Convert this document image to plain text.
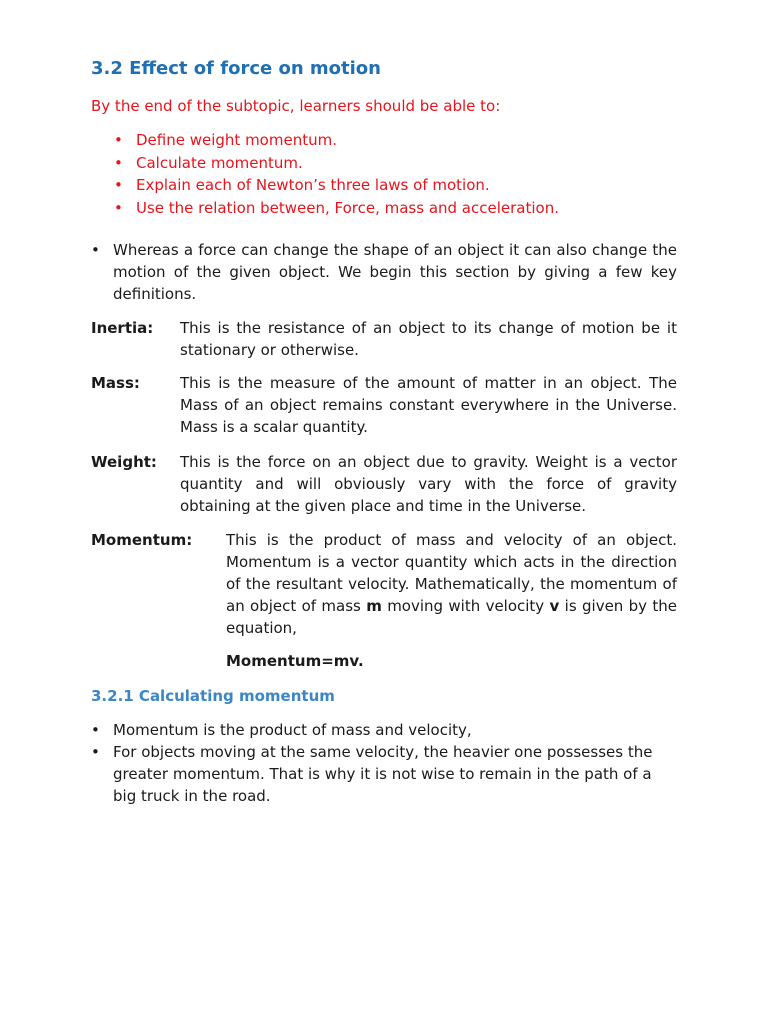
3.2 Effect of force on motion

By the end of the subtopic, learners should be able to:

• Define weight momentum.
• Calculate momentum.
• Explain each of Newton’s three laws of motion.
• Use the relation between, Force, mass and acceleration.
• Whereas a force can change the shape of an object it can also change the motion of the given object. We begin this section by giving a few key definitions.
Inertia: This is the resistance of an object to its change of motion be it stationary or otherwise.
Mass:	This is the measure of the amount of matter in an object. The Mass of an object remains constant everywhere in the Universe. Mass is a scalar quantity.
Weight: This is the force on an object due to gravity. Weight is a vector quantity and will obviously vary with the force of gravity obtaining at the given place and time in the Universe.
Momentum: This is the product of mass and velocity of an object. Momentum is a vector quantity which acts in the direction of the resultant velocity. Mathematically, the momentum of an object of mass m moving with velocity v is given by the equation,
Momentum=mv.
3.2.1 Calculating momentum
• Momentum is the product of mass and velocity,
• For objects moving at the same velocity, the heavier one possesses the greater momentum. That is why it is not wise to remain in the path of a big truck in the road.
